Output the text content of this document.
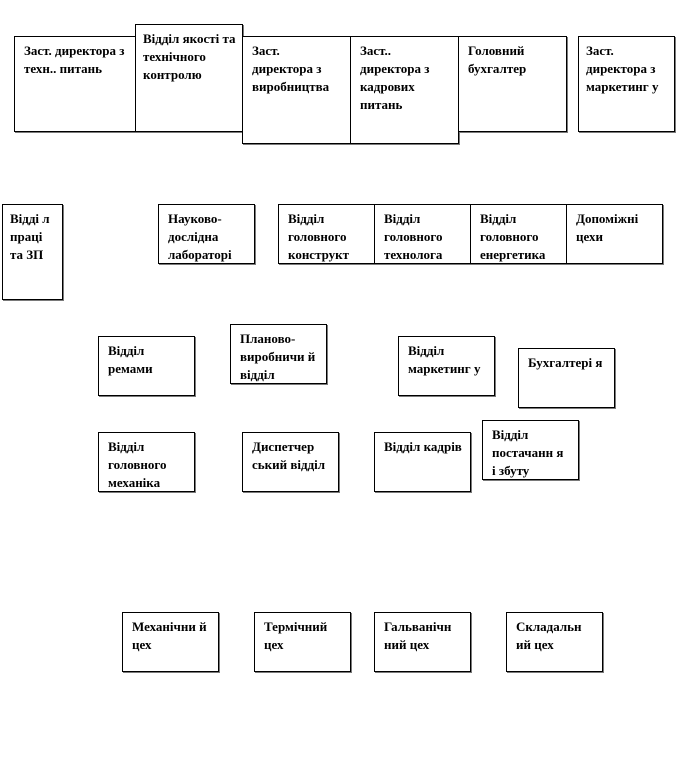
Заст. директора з техн.. питань
Відділ якості та технічного контролю
Заст. директора з виробництва
Заст.. директора з кадрових питань
Головний бухгалтер
Заст. директора з маркетинг у
Відді л праці та ЗП
Науково-дослідна лабораторі
Відділ головного конструкт
Відділ головного технолога
Відділ головного енергетика
Допоміжні цехи
Відділ ремами
Планово-виробничи й відділ
Відділ маркетинг у	Бухгалтері я
Відділ головного механіка
Диспетчер ський відділ
Відділ кадрів
Відділ постачанн я і збуту
Механічни й цех
Термічний цех
Гальванічн ний цех
Складальн ий цех
